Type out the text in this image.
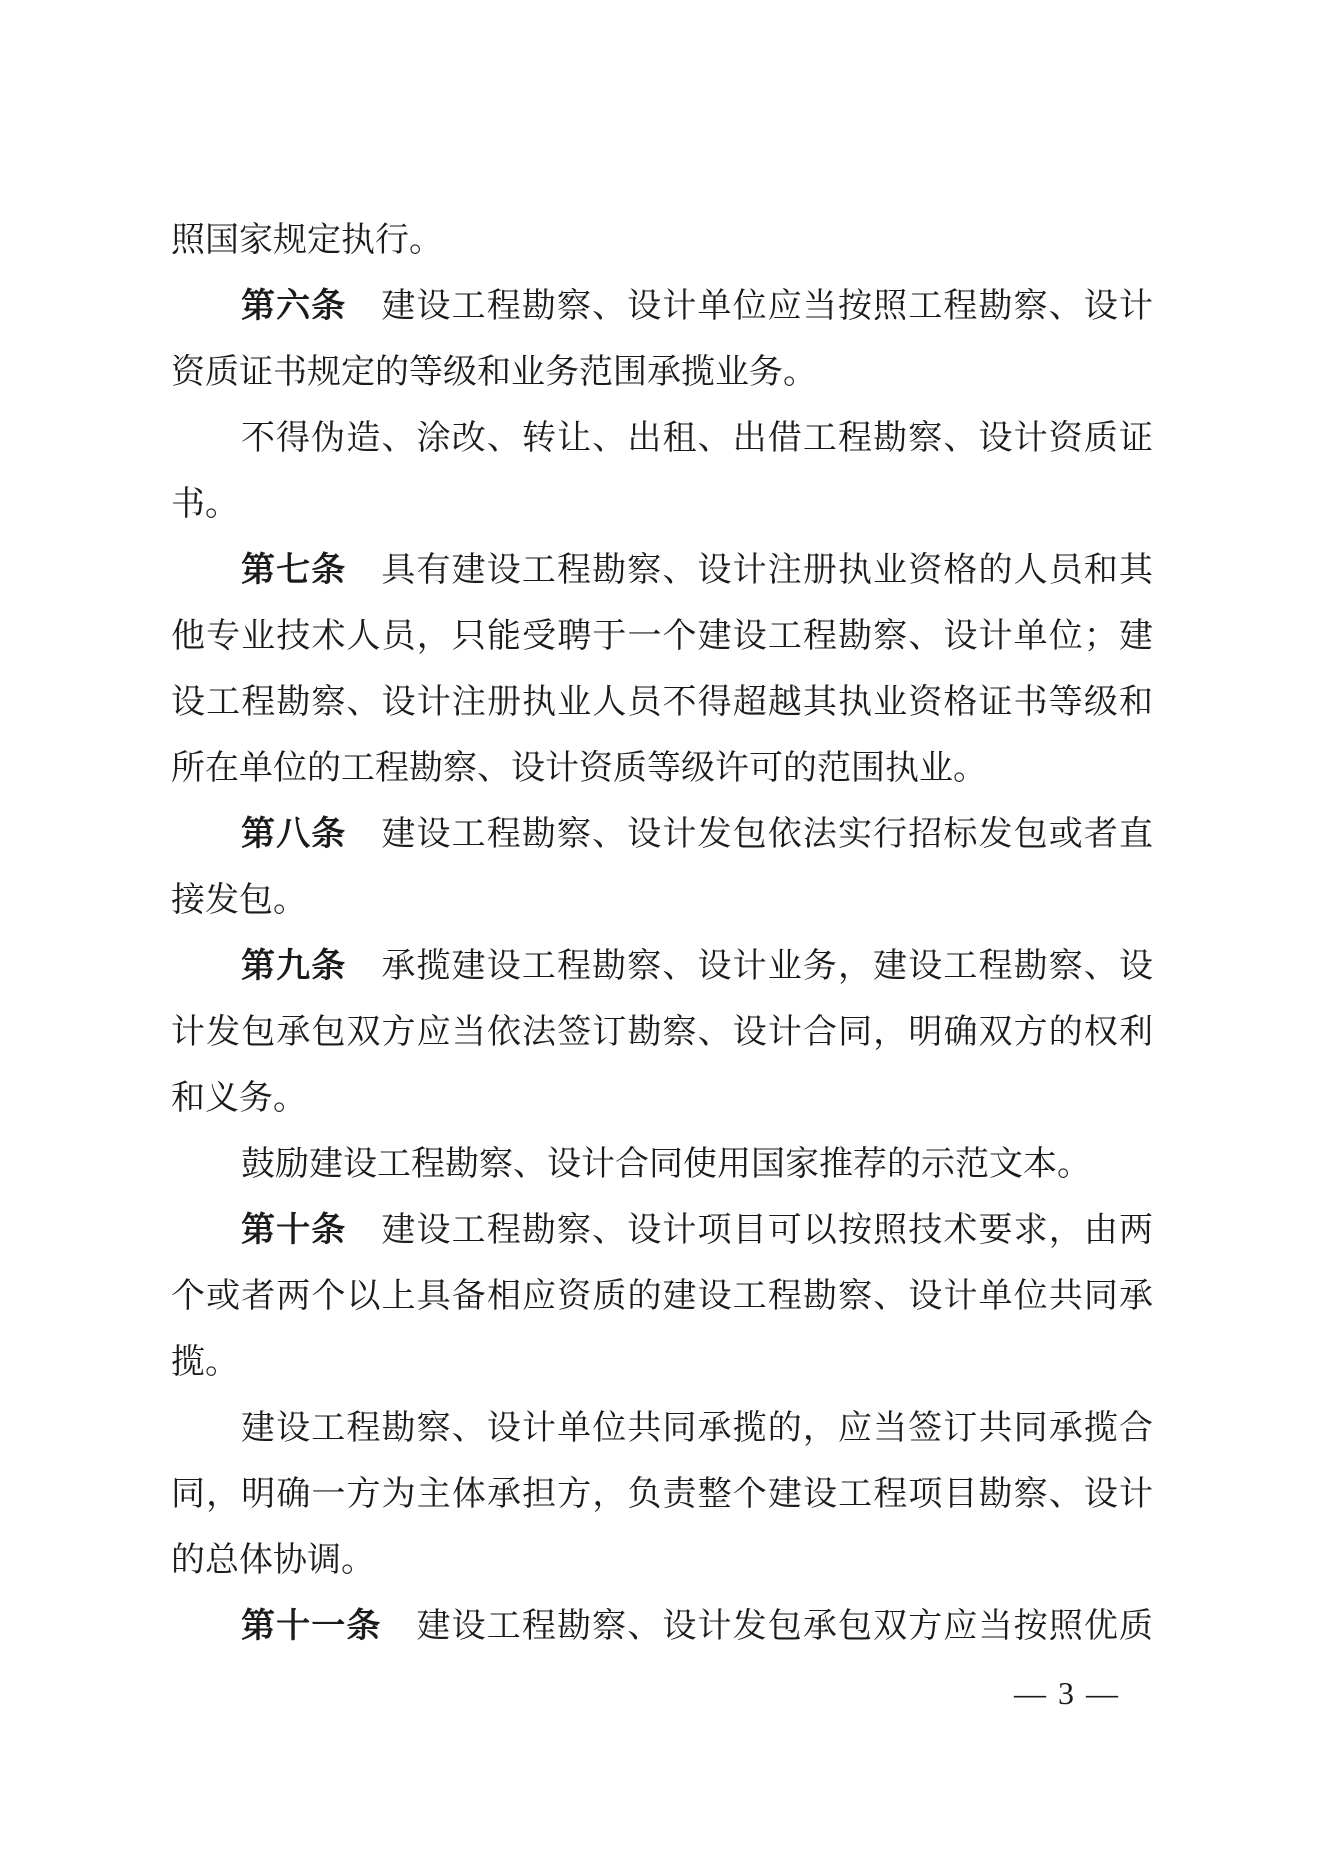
照国家规定执行。
第六条 建设工程勘察、设计单位应当按照工程勘察、设计
资质证书规定的等级和业务范围承揽业务。
不得伪造、涂改、转让、出租、出借工程勘察、设计资质证
书。
第七条 具有建设工程勘察、设计注册执业资格的人员和其
他专业技术人员，只能受聘于一个建设工程勘察、设计单位；建
设工程勘察、设计注册执业人员不得超越其执业资格证书等级和
所在单位的工程勘察、设计资质等级许可的范围执业。
第八条 建设工程勘察、设计发包依法实行招标发包或者直
接发包。
第九条 承揽建设工程勘察、设计业务，建设工程勘察、设
计发包承包双方应当依法签订勘察、设计合同，明确双方的权利
和义务。
鼓励建设工程勘察、设计合同使用国家推荐的示范文本。
第十条 建设工程勘察、设计项目可以按照技术要求，由两
个或者两个以上具备相应资质的建设工程勘察、设计单位共同承
揽。
建设工程勘察、设计单位共同承揽的，应当签订共同承揽合
同，明确一方为主体承担方，负责整个建设工程项目勘察、设计
的总体协调。
第十一条 建设工程勘察、设计发包承包双方应当按照优质
— 3 —
